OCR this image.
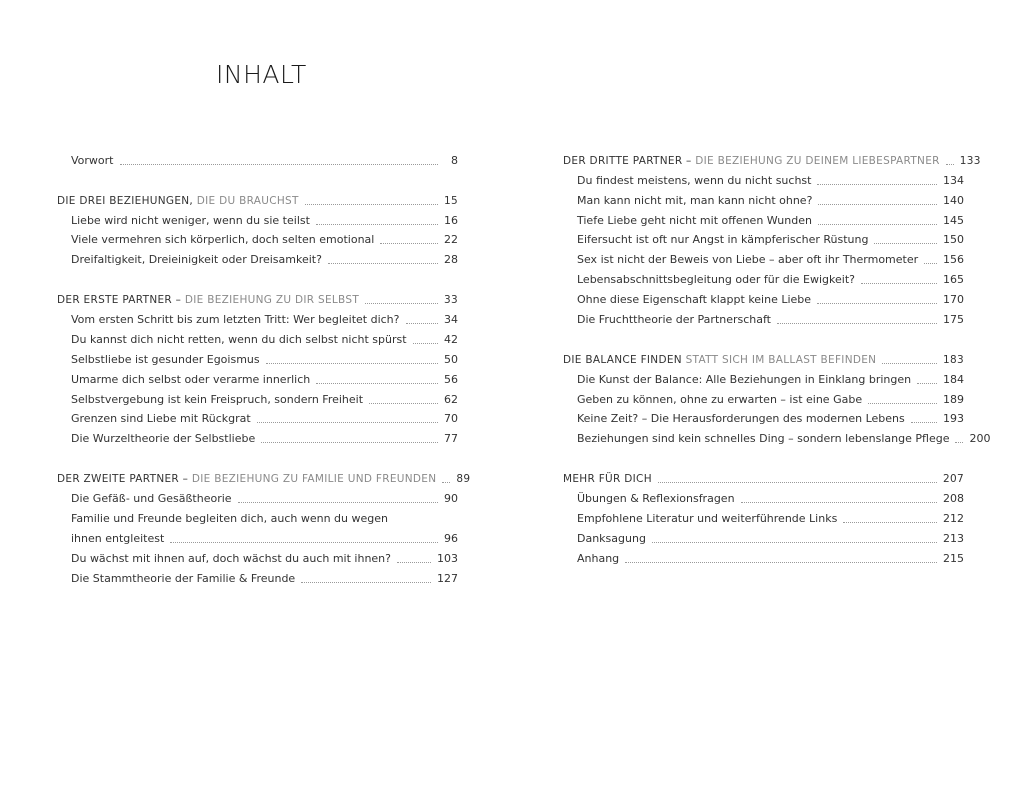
INHALT
Vorwort	8
DIE DREI BEZIEHUNGEN, DIE DU BRAUCHST	15
Liebe wird nicht weniger, wenn du sie teilst	16
Viele vermehren sich körperlich, doch selten emotional	22
Dreifaltigkeit, Dreieinigkeit oder Dreisamkeit?	28
DER ERSTE PARTNER – DIE BEZIEHUNG ZU DIR SELBST	33
Vom ersten Schritt bis zum letzten Tritt: Wer begleitet dich?	34
Du kannst dich nicht retten, wenn du dich selbst nicht spürst	42
Selbstliebe ist gesunder Egoismus	50
Umarme dich selbst oder verarme innerlich	56
Selbstvergebung ist kein Freispruch, sondern Freiheit	62
Grenzen sind Liebe mit Rückgrat	70
Die Wurzeltheorie der Selbstliebe	77
DER ZWEITE PARTNER – DIE BEZIEHUNG ZU FAMILIE UND FREUNDEN 89
Die Gefäß- und Gesäßtheorie	90
Familie und Freunde begleiten dich, auch wenn du wegen
ihnen entgleitest	96
Du wächst mit ihnen auf, doch wächst du auch mit ihnen?	103
Die Stammtheorie der Familie & Freunde	127
DER DRITTE PARTNER – DIE BEZIEHUNG ZU DEINEM LIEBESPARTNER 133
Du findest meistens, wenn du nicht suchst	134
Man kann nicht mit, man kann nicht ohne?	140
Tiefe Liebe geht nicht mit offenen Wunden	145
Eifersucht ist oft nur Angst in kämpferischer Rüstung	150
Sex ist nicht der Beweis von Liebe – aber oft ihr Thermometer 156
Lebensabschnittsbegleitung oder für die Ewigkeit?	165
Ohne diese Eigenschaft klappt keine Liebe	170
Die Fruchttheorie der Partnerschaft	175
DIE BALANCE FINDEN STATT SICH IM BALLAST BEFINDEN	183
Die Kunst der Balance: Alle Beziehungen in Einklang bringen	184
Geben zu können, ohne zu erwarten – ist eine Gabe	189
Keine Zeit? – Die Herausforderungen des modernen Lebens	193
Beziehungen sind kein schnelles Ding – sondern lebenslange Pflege 200
MEHR FÜR DICH	207
Übungen & Reflexionsfragen	208
Empfohlene Literatur und weiterführende Links	212
Danksagung	213
Anhang	215
